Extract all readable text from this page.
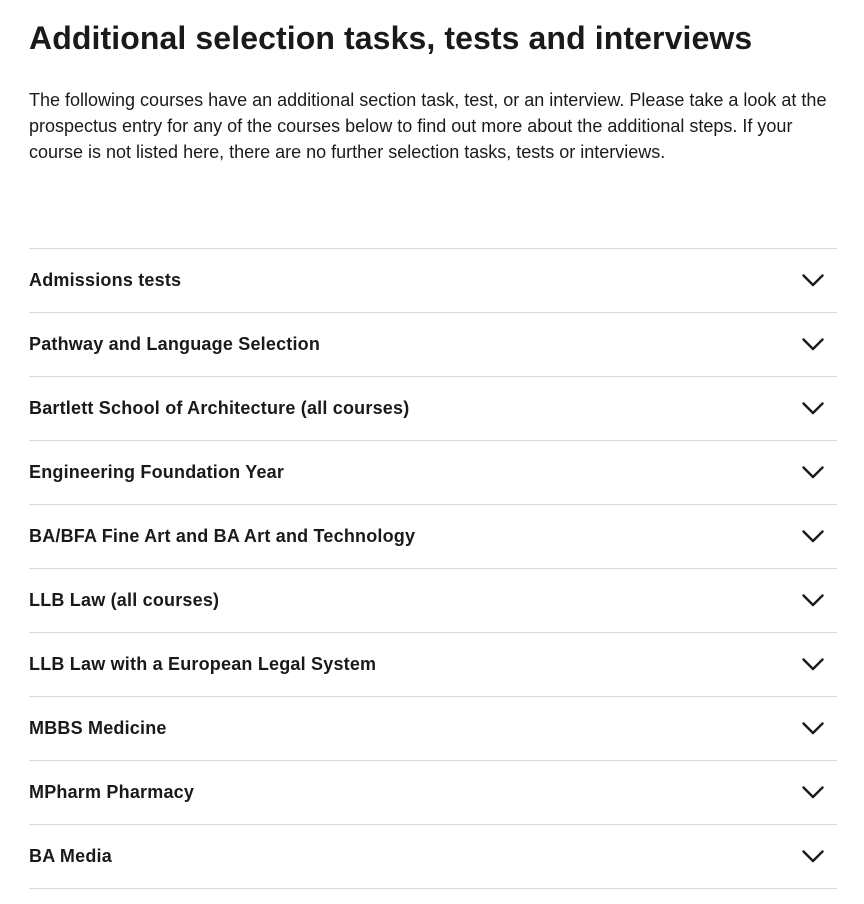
Additional selection tasks, tests and interviews

The following courses have an additional section task, test, or an interview. Please take a look at the prospectus entry for any of the courses below to find out more about the additional steps. If your course is not listed here, there are no further selection tasks, tests or interviews.

Admissions tests
Pathway and Language Selection
Bartlett School of Architecture (all courses)
Engineering Foundation Year
BA/BFA Fine Art and BA Art and Technology
LLB Law (all courses)
LLB Law with a European Legal System
MBBS Medicine
MPharm Pharmacy
BA Media
